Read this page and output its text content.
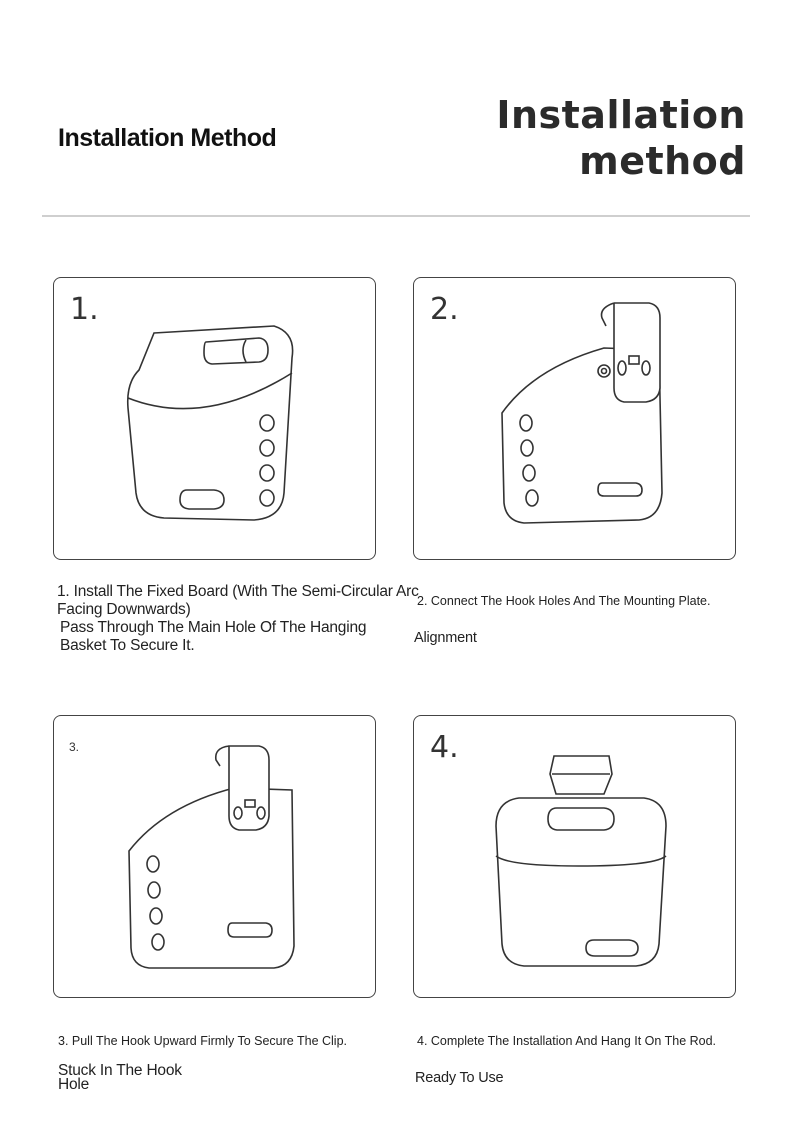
Installation Method
Installation
method
1.	2.
1. Install The Fixed Board (With The Semi-Circular Arc
Facing Downwards)
Pass Through The Main Hole Of The Hanging
Basket To Secure It.
2. Connect The Hook Holes And The Mounting Plate.
Alignment
3.	4.
3. Pull The Hook Upward Firmly To Secure The Clip.
Stuck In The Hook
Hole
4. Complete The Installation And Hang It On The Rod.
Ready To Use
